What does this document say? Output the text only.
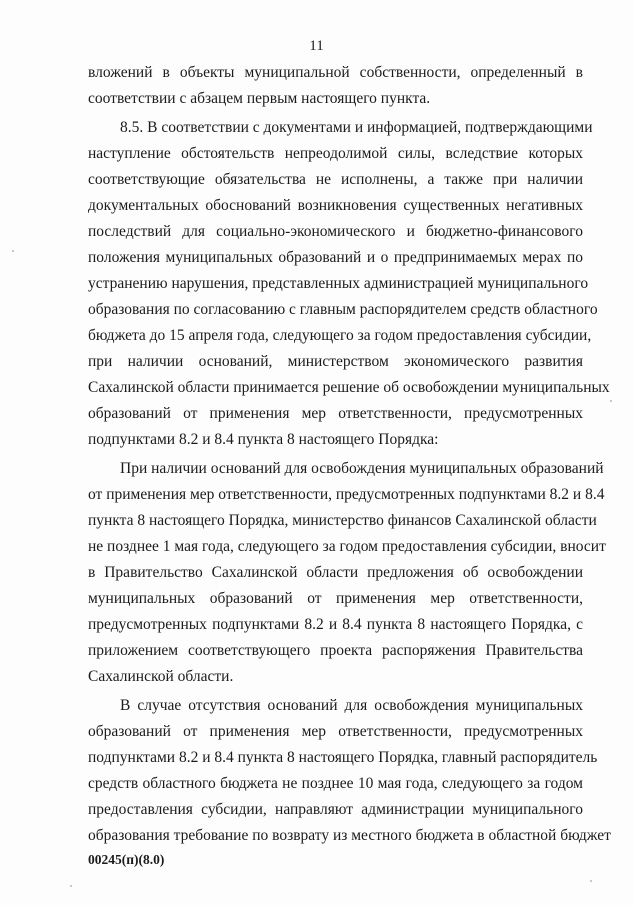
11
вложений в объекты муниципальной собственности, определенный в
соответствии с абзацем первым настоящего пункта.
8.5. В соответствии с документами и информацией, подтверждающими
наступление обстоятельств непреодолимой силы, вследствие которых
соответствующие обязательства не исполнены, а также при наличии
документальных обоснований возникновения существенных негативных
последствий для социально-экономического и бюджетно-финансового
положения муниципальных образований и о предпринимаемых мерах по
устранению нарушения, представленных администрацией муниципального
образования по согласованию с главным распорядителем средств областного
бюджета до 15 апреля года, следующего за годом предоставления субсидии,
при наличии оснований, министерством экономического развития
Сахалинской области принимается решение об освобождении муниципальных
образований от применения мер ответственности, предусмотренных
подпунктами 8.2 и 8.4 пункта 8 настоящего Порядка:
При наличии оснований для освобождения муниципальных образований
от применения мер ответственности, предусмотренных подпунктами 8.2 и 8.4
пункта 8 настоящего Порядка, министерство финансов Сахалинской области
не позднее 1 мая года, следующего за годом предоставления субсидии, вносит
в Правительство Сахалинской области предложения об освобождении
муниципальных образований от применения мер ответственности,
предусмотренных подпунктами 8.2 и 8.4 пункта 8 настоящего Порядка, с
приложением соответствующего проекта распоряжения Правительства
Сахалинской области.
В случае отсутствия оснований для освобождения муниципальных
образований от применения мер ответственности, предусмотренных
подпунктами 8.2 и 8.4 пункта 8 настоящего Порядка, главный распорядитель
средств областного бюджета не позднее 10 мая года, следующего за годом
предоставления субсидии, направляют администрации муниципального
образования требование по возврату из местного бюджета в областной бюджет
00245(п)(8.0)
